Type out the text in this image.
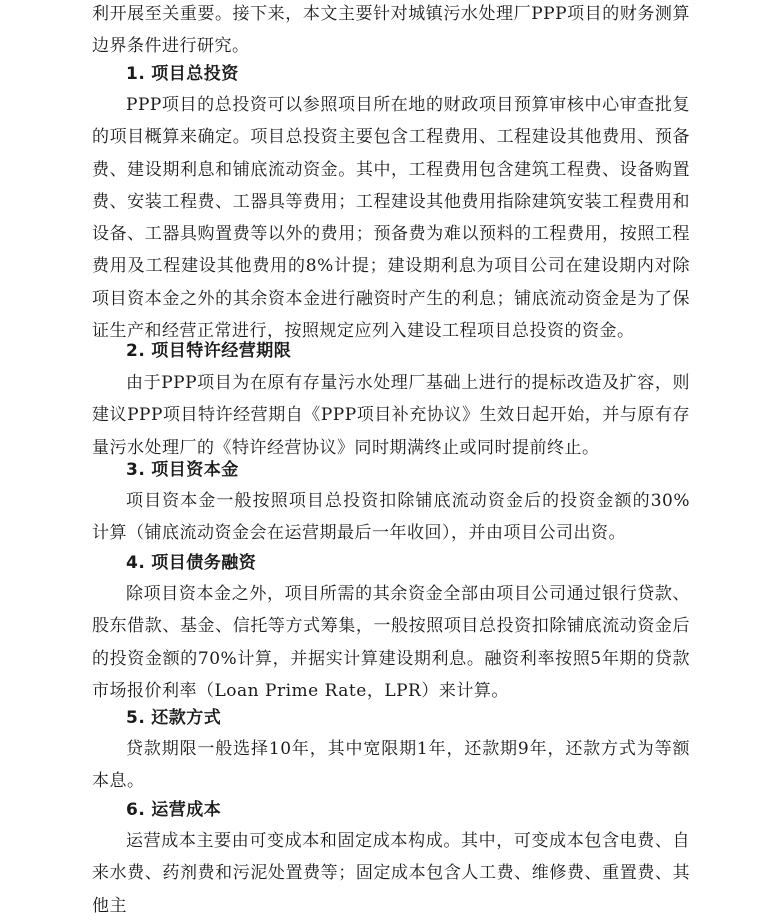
利开展至关重要。接下来，本文主要针对城镇污水处理厂PPP项目的财务测算边界条件进行研究。

1. 项目总投资

PPP项目的总投资可以参照项目所在地的财政项目预算审核中心审查批复的项目概算来确定。项目总投资主要包含工程费用、工程建设其他费用、预备费、建设期利息和铺底流动资金。其中，工程费用包含建筑工程费、设备购置费、安装工程费、工器具等费用；工程建设其他费用指除建筑安装工程费用和设备、工器具购置费等以外的费用；预备费为难以预料的工程费用，按照工程费用及工程建设其他费用的8%计提；建设期利息为项目公司在建设期内对除项目资本金之外的其余资本金进行融资时产生的利息；铺底流动资金是为了保证生产和经营正常进行，按照规定应列入建设工程项目总投资的资金。

2. 项目特许经营期限

由于PPP项目为在原有存量污水处理厂基础上进行的提标改造及扩容，则建议PPP项目特许经营期自《PPP项目补充协议》生效日起开始，并与原有存量污水处理厂的《特许经营协议》同时期满终止或同时提前终止。

3. 项目资本金

项目资本金一般按照项目总投资扣除铺底流动资金后的投资金额的30%计算（铺底流动资金会在运营期最后一年收回），并由项目公司出资。

4. 项目债务融资

除项目资本金之外，项目所需的其余资金全部由项目公司通过银行贷款、股东借款、基金、信托等方式筹集，一般按照项目总投资扣除铺底流动资金后的投资金额的70%计算，并据实计算建设期利息。融资利率按照5年期的贷款市场报价利率（Loan Prime Rate，LPR）来计算。

5. 还款方式

贷款期限一般选择10年，其中宽限期1年，还款期9年，还款方式为等额本息。

6. 运营成本

运营成本主要由可变成本和固定成本构成。其中，可变成本包含电费、自来水费、药剂费和污泥处置费等；固定成本包含人工费、维修费、重置费、其他主
